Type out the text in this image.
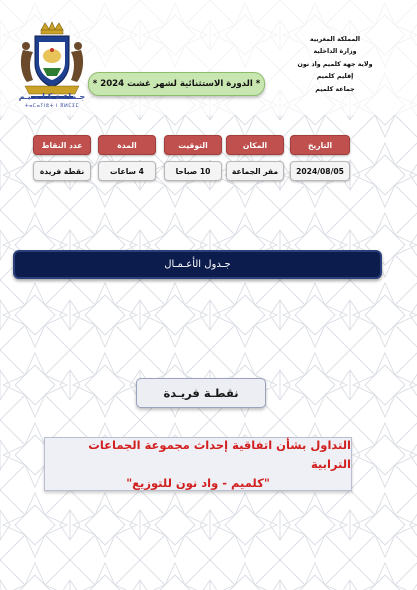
جـماعـة كـلـمـيـم
ⵜⴰⵎⴰⵢⵏⵓⵜ ⵏ ⴳⵍⵎⵉⵎ
المملكة المغربية
وزارة الداخلية
ولاية جهة كلميم واد نون
إقليم كلميم
جماعة كلميم
* الدورة الاستثنائية لشهر غشت 2024 *
التاريخ
المكان
التوقيت
المدة
عدد النقاط
2024/08/05
مقر الجماعة
10 صباحا
4 ساعات
نقطة فريدة
جـدول الأعـمـال
نقطـة فريـدة
التداول بشأن اتفاقية إحداث مجموعة الجماعات الترابية
"كلميم - واد نون للتوزيع"
